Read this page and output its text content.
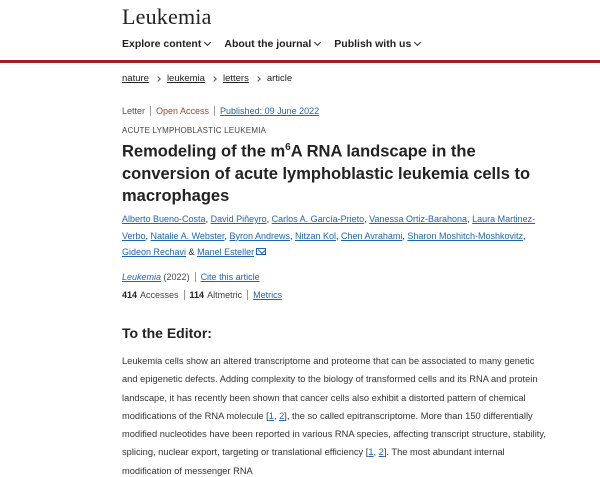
Leukemia
Explore content About the journal Publish with us
nature leukemia letters article
Letter Open Access Published: 09 June 2022
ACUTE LYMPHOBLASTIC LEUKEMIA
Remodeling of the $m^6A$ RNA landscape in the conversion of acute lymphoblastic leukemia cells to macrophages
Alberto Bueno-Costa, David Piñeyro, Carlos A. García-Prieto, Vanessa Ortiz-Barahona, Laura Martinez-Verbo, Natalie A. Webster, Byron Andrews, Nitzan Kol, Chen Avrahami, Sharon Moshitch-Moshkovitz, Gideon Rechavi & Manel Esteller
Leukemia
(2022) Cite this article
414 Accesses 114 Altmetric Metrics
To the Editor:

Leukemia cells show an altered transcriptome and proteome that can be associated to many genetic and epigenetic defects. Adding complexity to the biology of transformed cells and its RNA and protein landscape, it has recently been shown that cancer cells also exhibit a distorted pattern of chemical modifications of the RNA molecule [1, 2], the so called epitranscriptome. More than 150 differentially modified nucleotides have been reported in various RNA species, affecting transcript structure, stability, splicing, nuclear export, targeting or translational efficiency [1, 2]. The most abundant internal modification of messenger RNA
